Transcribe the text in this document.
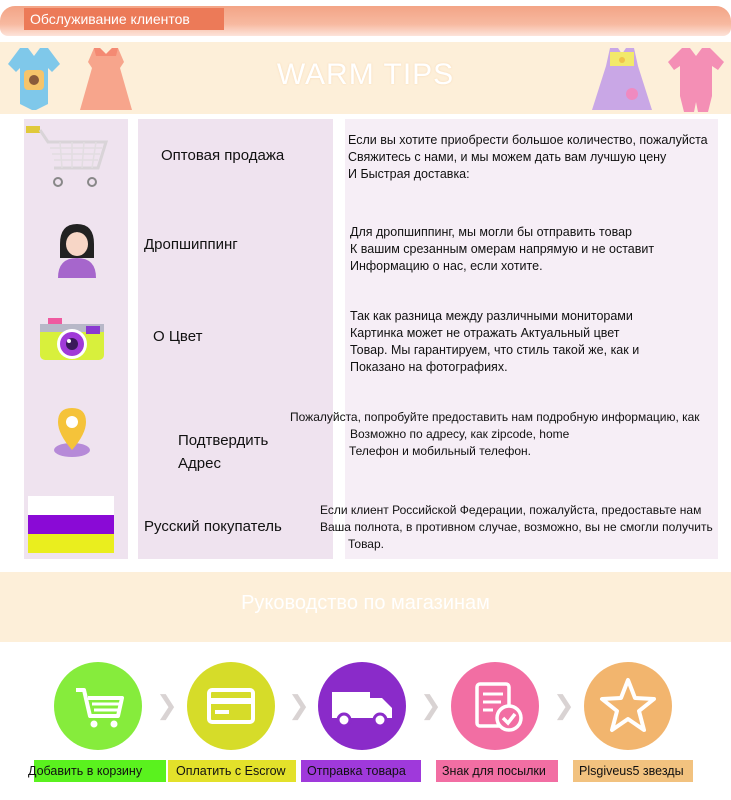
Обслуживание клиентов
WARM TIPS
Оптовая продажа
Если вы хотите приобрести большое количество, пожалуйста
Свяжитесь с нами, и мы можем дать вам лучшую цену
И Быстрая доставка:
Дропшиппинг
Для дропшиппинг, мы могли бы отправить товар
К вашим срезанным омерам напрямую и не оставит
Информацию о нас, если хотите.
О Цвет
Так как разница между различными мониторами
Картинка может не отражать Актуальный цвет
Товар. Мы гарантируем, что стиль такой же, как и
Показано на фотографиях.
Подтвердить
Адрес
Пожалуйста, попробуйте предоставить нам подробную информацию, как
Возможно по адресу, как zipcode, home
Телефон и мобильный телефон.
Русский покупатель
Если клиент Российской Федерации, пожалуйста, предоставьте нам
Ваша полнота, в противном случае, возможно, вы не смогли получить
Товар.
Руководство по магазинам
❯	❯	❯	❯
Добавить в корзину	Оплатить с Escrow	Отправка товара	Знак для посылки	Plsgiveus5 звезды
